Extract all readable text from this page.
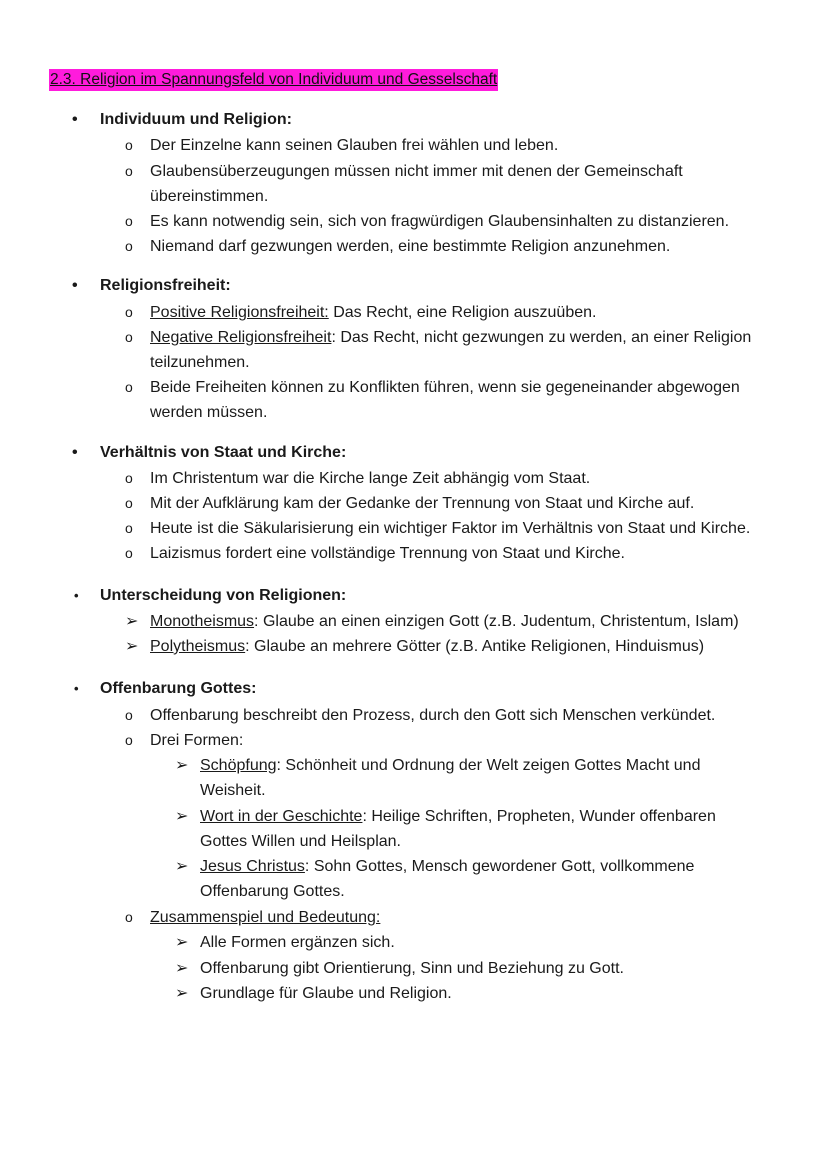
2.3. Religion im Spannungsfeld von Individuum und Gesselschaft
• Individuum und Religion:
o Der Einzelne kann seinen Glauben frei wählen und leben.
o Glaubensüberzeugungen müssen nicht immer mit denen der Gemeinschaft übereinstimmen.
o Es kann notwendig sein, sich von fragwürdigen Glaubensinhalten zu distanzieren.
o Niemand darf gezwungen werden, eine bestimmte Religion anzunehmen.
• Religionsfreiheit:
o Positive Religionsfreiheit: Das Recht, eine Religion auszuüben.
o Negative Religionsfreiheit: Das Recht, nicht gezwungen zu werden, an einer Religion teilzunehmen.
o Beide Freiheiten können zu Konflikten führen, wenn sie gegeneinander abgewogen werden müssen.
• Verhältnis von Staat und Kirche:
o Im Christentum war die Kirche lange Zeit abhängig vom Staat.
o Mit der Aufklärung kam der Gedanke der Trennung von Staat und Kirche auf.
o Heute ist die Säkularisierung ein wichtiger Faktor im Verhältnis von Staat und Kirche.
o Laizismus fordert eine vollständige Trennung von Staat und Kirche.
• Unterscheidung von Religionen:
➢ Monotheismus: Glaube an einen einzigen Gott (z.B. Judentum, Christentum, Islam)
➢ Polytheismus: Glaube an mehrere Götter (z.B. Antike Religionen, Hinduismus)
• Offenbarung Gottes:
o Offenbarung beschreibt den Prozess, durch den Gott sich Menschen verkündet.
o Drei Formen:
➢ Schöpfung: Schönheit und Ordnung der Welt zeigen Gottes Macht und Weisheit.
➢ Wort in der Geschichte: Heilige Schriften, Propheten, Wunder offenbaren Gottes Willen und Heilsplan.
➢ Jesus Christus: Sohn Gottes, Mensch gewordener Gott, vollkommene Offenbarung Gottes.
o Zusammenspiel und Bedeutung:
➢ Alle Formen ergänzen sich.
➢ Offenbarung gibt Orientierung, Sinn und Beziehung zu Gott.
➢ Grundlage für Glaube und Religion.
